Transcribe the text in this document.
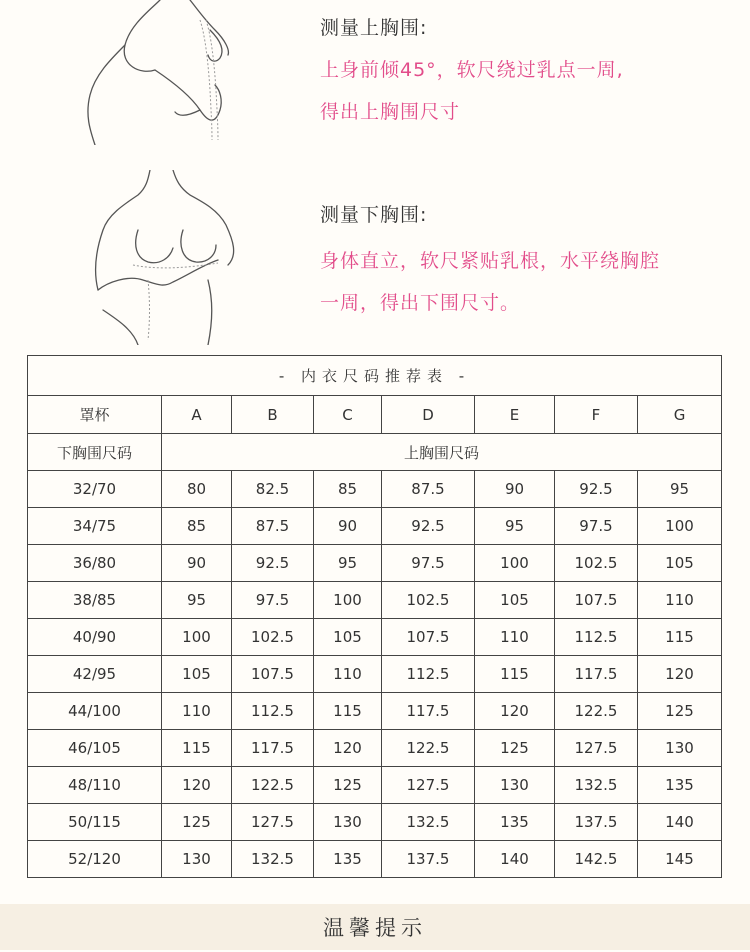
测量上胸围:
上身前倾45°，软尺绕过乳点一周,
得出上胸围尺寸
测量下胸围:
身体直立，软尺紧贴乳根，水平绕胸腔
一周，得出下围尺寸。
- 内衣尺码推荐表 -							
罩杯	A	B	C	D	E	F	G
下胸围尺码	上胸围尺码						
32/70	80	82.5	85	87.5	90	92.5	95
34/75	85	87.5	90	92.5	95	97.5	100
36/80	90	92.5	95	97.5	100	102.5	105
38/85	95	97.5	100	102.5	105	107.5	110
40/90	100	102.5	105	107.5	110	112.5	115
42/95	105	107.5	110	112.5	115	117.5	120
44/100	110	112.5	115	117.5	120	122.5	125
46/105	115	117.5	120	122.5	125	127.5	130
48/110	120	122.5	125	127.5	130	132.5	135
50/115	125	127.5	130	132.5	135	137.5	140
52/120	130	132.5	135	137.5	140	142.5	145
温馨提示
